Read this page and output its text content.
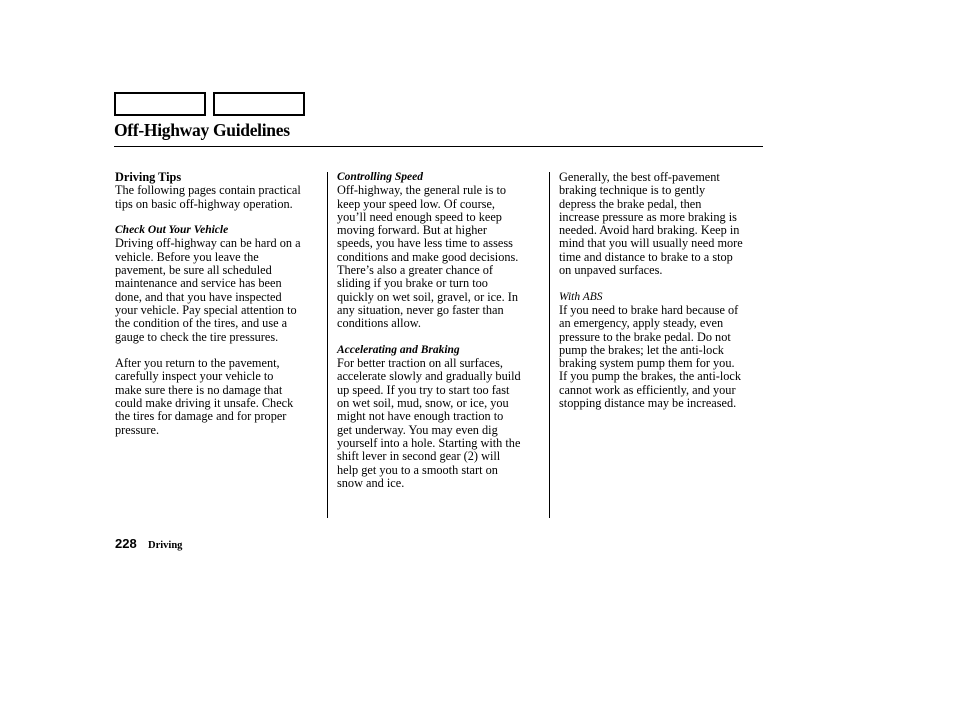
Off-Highway Guidelines
Driving Tips
The following pages contain practical
tips on basic off-highway operation.
Check Out Your Vehicle
Driving off-highway can be hard on a
vehicle. Before you leave the
pavement, be sure all scheduled
maintenance and service has been
done, and that you have inspected
your vehicle. Pay special attention to
the condition of the tires, and use a
gauge to check the tire pressures.
After you return to the pavement,
carefully inspect your vehicle to
make sure there is no damage that
could make driving it unsafe. Check
the tires for damage and for proper
pressure.
Controlling Speed
Off-highway, the general rule is to
keep your speed low. Of course,
you’ll need enough speed to keep
moving forward. But at higher
speeds, you have less time to assess
conditions and make good decisions.
There’s also a greater chance of
sliding if you brake or turn too
quickly on wet soil, gravel, or ice. In
any situation, never go faster than
conditions allow.
Accelerating and Braking
For better traction on all surfaces,
accelerate slowly and gradually build
up speed. If you try to start too fast
on wet soil, mud, snow, or ice, you
might not have enough traction to
get underway. You may even dig
yourself into a hole. Starting with the
shift lever in second gear (2) will
help get you to a smooth start on
snow and ice.
Generally, the best off-pavement
braking technique is to gently
depress the brake pedal, then
increase pressure as more braking is
needed. Avoid hard braking. Keep in
mind that you will usually need more
time and distance to brake to a stop
on unpaved surfaces.
With ABS
If you need to brake hard because of
an emergency, apply steady, even
pressure to the brake pedal. Do not
pump the brakes; let the anti-lock
braking system pump them for you.
If you pump the brakes, the anti-lock
cannot work as efficiently, and your
stopping distance may be increased.
228 Driving
